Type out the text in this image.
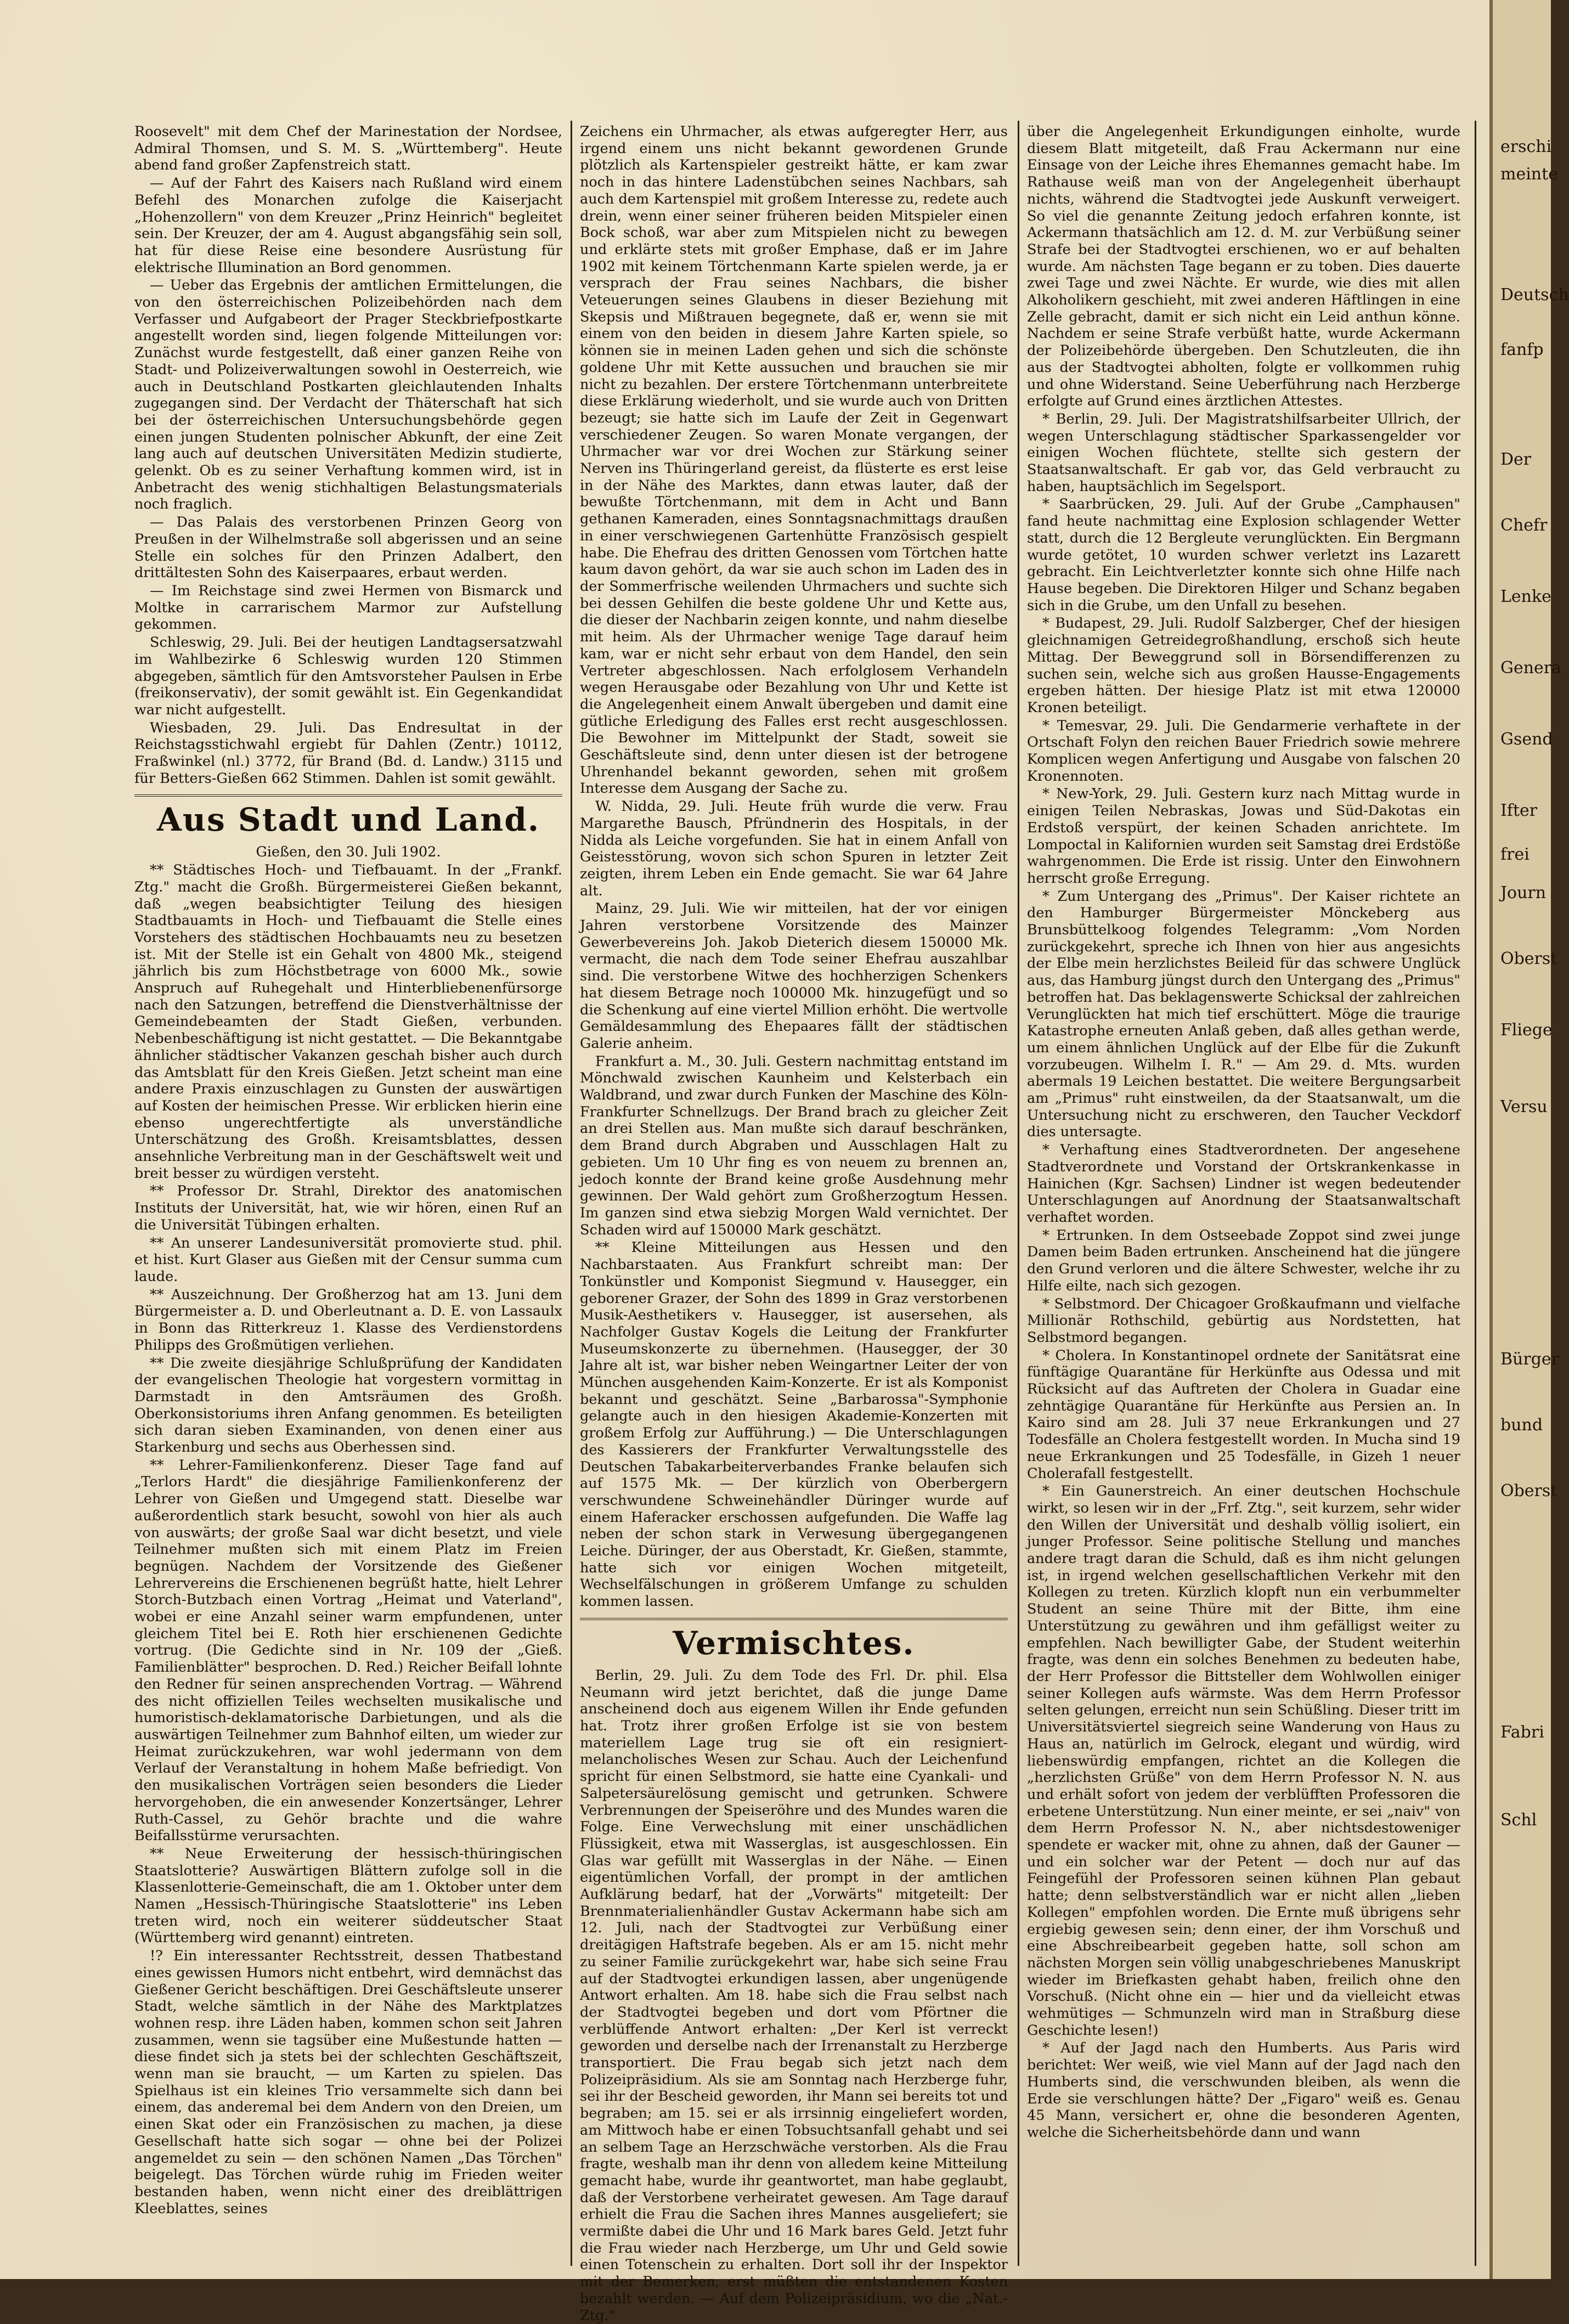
Roosevelt" mit dem Chef der Marinestation der Nordsee, Admiral Thomsen, und S. M. S. „Württemberg". Heute abend fand großer Zapfenstreich statt.

— Auf der Fahrt des Kaisers nach Rußland wird einem Befehl des Monarchen zufolge die Kaiserjacht „Hohenzollern" von dem Kreuzer „Prinz Heinrich" begleitet sein. Der Kreuzer, der am 4. August abgangsfähig sein soll, hat für diese Reise eine besondere Ausrüstung für elektrische Illumination an Bord genommen.

— Ueber das Ergebnis der amtlichen Ermittelungen, die von den österreichischen Polizeibehörden nach dem Verfasser und Aufgabeort der Prager Steckbriefpostkarte angestellt worden sind, liegen folgende Mitteilungen vor: Zunächst wurde festgestellt, daß einer ganzen Reihe von Stadt- und Polizeiverwaltungen sowohl in Oesterreich, wie auch in Deutschland Postkarten gleichlautenden Inhalts zugegangen sind. Der Verdacht der Thäterschaft hat sich bei der österreichischen Untersuchungsbehörde gegen einen jungen Studenten polnischer Abkunft, der eine Zeit lang auch auf deutschen Universitäten Medizin studierte, gelenkt. Ob es zu seiner Verhaftung kommen wird, ist in Anbetracht des wenig stichhaltigen Belastungsmaterials noch fraglich.

— Das Palais des verstorbenen Prinzen Georg von Preußen in der Wilhelmstraße soll abgerissen und an seine Stelle ein solches für den Prinzen Adalbert, den drittältesten Sohn des Kaiserpaares, erbaut werden.

— Im Reichstage sind zwei Hermen von Bismarck und Moltke in carrarischem Marmor zur Aufstellung gekommen.

Schleswig, 29. Juli. Bei der heutigen Landtagsersatzwahl im Wahlbezirke 6 Schleswig wurden 120 Stimmen abgegeben, sämtlich für den Amtsvorsteher Paulsen in Erbe (freikonservativ), der somit gewählt ist. Ein Gegenkandidat war nicht aufgestellt.

Wiesbaden, 29. Juli. Das Endresultat in der Reichstagsstichwahl ergiebt für Dahlen (Zentr.) 10112, Fraßwinkel (nl.) 3772, für Brand (Bd. d. Landw.) 3115 und für Betters-Gießen 662 Stimmen. Dahlen ist somit gewählt.

Aus Stadt und Land.

Gießen, den 30. Juli 1902.

** Städtisches Hoch- und Tiefbauamt. In der „Frankf. Ztg." macht die Großh. Bürgermeisterei Gießen bekannt, daß „wegen beabsichtigter Teilung des hiesigen Stadtbauamts in Hoch- und Tiefbauamt die Stelle eines Vorstehers des städtischen Hochbauamts neu zu besetzen ist. Mit der Stelle ist ein Gehalt von 4800 Mk., steigend jährlich bis zum Höchstbetrage von 6000 Mk., sowie Anspruch auf Ruhegehalt und Hinterbliebenenfürsorge nach den Satzungen, betreffend die Dienstverhältnisse der Gemeindebeamten der Stadt Gießen, verbunden. Nebenbeschäftigung ist nicht gestattet. — Die Bekanntgabe ähnlicher städtischer Vakanzen geschah bisher auch durch das Amtsblatt für den Kreis Gießen. Jetzt scheint man eine andere Praxis einzuschlagen zu Gunsten der auswärtigen auf Kosten der heimischen Presse. Wir erblicken hierin eine ebenso ungerechtfertigte als unverständliche Unterschätzung des Großh. Kreisamtsblattes, dessen ansehnliche Verbreitung man in der Geschäftswelt weit und breit besser zu würdigen versteht.

** Professor Dr. Strahl, Direktor des anatomischen Instituts der Universität, hat, wie wir hören, einen Ruf an die Universität Tübingen erhalten.

** An unserer Landesuniversität promovierte stud. phil. et hist. Kurt Glaser aus Gießen mit der Censur summa cum laude.

** Auszeichnung. Der Großherzog hat am 13. Juni dem Bürgermeister a. D. und Oberleutnant a. D. E. von Lassaulx in Bonn das Ritterkreuz 1. Klasse des Verdienstordens Philipps des Großmütigen verliehen.

** Die zweite diesjährige Schlußprüfung der Kandidaten der evangelischen Theologie hat vorgestern vormittag in Darmstadt in den Amtsräumen des Großh. Oberkonsistoriums ihren Anfang genommen. Es beteiligten sich daran sieben Examinanden, von denen einer aus Starkenburg und sechs aus Oberhessen sind.

** Lehrer-Familienkonferenz. Dieser Tage fand auf „Terlors Hardt" die diesjährige Familienkonferenz der Lehrer von Gießen und Umgegend statt. Dieselbe war außerordentlich stark besucht, sowohl von hier als auch von auswärts; der große Saal war dicht besetzt, und viele Teilnehmer mußten sich mit einem Platz im Freien begnügen. Nachdem der Vorsitzende des Gießener Lehrervereins die Erschienenen begrüßt hatte, hielt Lehrer Storch-Butzbach einen Vortrag „Heimat und Vaterland", wobei er eine Anzahl seiner warm empfundenen, unter gleichem Titel bei E. Roth hier erschienenen Gedichte vortrug. (Die Gedichte sind in Nr. 109 der „Gieß. Familienblätter" besprochen. D. Red.) Reicher Beifall lohnte den Redner für seinen ansprechenden Vortrag. — Während des nicht offiziellen Teiles wechselten musikalische und humoristisch-deklamatorische Darbietungen, und als die auswärtigen Teilnehmer zum Bahnhof eilten, um wieder zur Heimat zurückzukehren, war wohl jedermann von dem Verlauf der Veranstaltung in hohem Maße befriedigt. Von den musikalischen Vorträgen seien besonders die Lieder hervorgehoben, die ein anwesender Konzertsänger, Lehrer Ruth-Cassel, zu Gehör brachte und die wahre Beifallsstürme verursachten.

** Neue Erweiterung der hessisch-thüringischen Staatslotterie? Auswärtigen Blättern zufolge soll in die Klassenlotterie-Gemeinschaft, die am 1. Oktober unter dem Namen „Hessisch-Thüringische Staatslotterie" ins Leben treten wird, noch ein weiterer süddeutscher Staat (Württemberg wird genannt) eintreten.

!? Ein interessanter Rechtsstreit, dessen Thatbestand eines gewissen Humors nicht entbehrt, wird demnächst das Gießener Gericht beschäftigen. Drei Geschäftsleute unserer Stadt, welche sämtlich in der Nähe des Marktplatzes wohnen resp. ihre Läden haben, kommen schon seit Jahren zusammen, wenn sie tagsüber eine Mußestunde hatten — diese findet sich ja stets bei der schlechten Geschäftszeit, wenn man sie braucht, — um Karten zu spielen. Das Spielhaus ist ein kleines Trio versammelte sich dann bei einem, das anderemal bei dem Andern von den Dreien, um einen Skat oder ein Französischen zu machen, ja diese Gesellschaft hatte sich sogar — ohne bei der Polizei angemeldet zu sein — den schönen Namen „Das Törchen" beigelegt. Das Törchen würde ruhig im Frieden weiter bestanden haben, wenn nicht einer des dreiblättrigen Kleeblattes, seines

Zeichens ein Uhrmacher, als etwas aufgeregter Herr, aus irgend einem uns nicht bekannt gewordenen Grunde plötzlich als Kartenspieler gestreikt hätte, er kam zwar noch in das hintere Ladenstübchen seines Nachbars, sah auch dem Kartenspiel mit großem Interesse zu, redete auch drein, wenn einer seiner früheren beiden Mitspieler einen Bock schoß, war aber zum Mitspielen nicht zu bewegen und erklärte stets mit großer Emphase, daß er im Jahre 1902 mit keinem Törtchenmann Karte spielen werde, ja er versprach der Frau seines Nachbars, die bisher Veteuerungen seines Glaubens in dieser Beziehung mit Skepsis und Mißtrauen begegnete, daß er, wenn sie mit einem von den beiden in diesem Jahre Karten spiele, so können sie in meinen Laden gehen und sich die schönste goldene Uhr mit Kette aussuchen und brauchen sie mir nicht zu bezahlen. Der erstere Törtchenmann unterbreitete diese Erklärung wiederholt, und sie wurde auch von Dritten bezeugt; sie hatte sich im Laufe der Zeit in Gegenwart verschiedener Zeugen. So waren Monate vergangen, der Uhrmacher war vor drei Wochen zur Stärkung seiner Nerven ins Thüringerland gereist, da flüsterte es erst leise in der Nähe des Marktes, dann etwas lauter, daß der bewußte Törtchenmann, mit dem in Acht und Bann gethanen Kameraden, eines Sonntagsnachmittags draußen in einer verschwiegenen Gartenhütte Französisch gespielt habe. Die Ehefrau des dritten Genossen vom Törtchen hatte kaum davon gehört, da war sie auch schon im Laden des in der Sommerfrische weilenden Uhrmachers und suchte sich bei dessen Gehilfen die beste goldene Uhr und Kette aus, die dieser der Nachbarin zeigen konnte, und nahm dieselbe mit heim. Als der Uhrmacher wenige Tage darauf heim kam, war er nicht sehr erbaut von dem Handel, den sein Vertreter abgeschlossen. Nach erfolglosem Verhandeln wegen Herausgabe oder Bezahlung von Uhr und Kette ist die Angelegenheit einem Anwalt übergeben und damit eine gütliche Erledigung des Falles erst recht ausgeschlossen. Die Bewohner im Mittelpunkt der Stadt, soweit sie Geschäftsleute sind, denn unter diesen ist der betrogene Uhrenhandel bekannt geworden, sehen mit großem Interesse dem Ausgang der Sache zu.

W. Nidda, 29. Juli. Heute früh wurde die verw. Frau Margarethe Bausch, Pfründnerin des Hospitals, in der Nidda als Leiche vorgefunden. Sie hat in einem Anfall von Geistesstörung, wovon sich schon Spuren in letzter Zeit zeigten, ihrem Leben ein Ende gemacht. Sie war 64 Jahre alt.

Mainz, 29. Juli. Wie wir mitteilen, hat der vor einigen Jahren verstorbene Vorsitzende des Mainzer Gewerbevereins Joh. Jakob Dieterich diesem 150000 Mk. vermacht, die nach dem Tode seiner Ehefrau auszahlbar sind. Die verstorbene Witwe des hochherzigen Schenkers hat diesem Betrage noch 100000 Mk. hinzugefügt und so die Schenkung auf eine viertel Million erhöht. Die wertvolle Gemäldesammlung des Ehepaares fällt der städtischen Galerie anheim.

Frankfurt a. M., 30. Juli. Gestern nachmittag entstand im Mönchwald zwischen Kaunheim und Kelsterbach ein Waldbrand, und zwar durch Funken der Maschine des Köln-Frankfurter Schnellzugs. Der Brand brach zu gleicher Zeit an drei Stellen aus. Man mußte sich darauf beschränken, dem Brand durch Abgraben und Ausschlagen Halt zu gebieten. Um 10 Uhr fing es von neuem zu brennen an, jedoch konnte der Brand keine große Ausdehnung mehr gewinnen. Der Wald gehört zum Großherzogtum Hessen. Im ganzen sind etwa siebzig Morgen Wald vernichtet. Der Schaden wird auf 150000 Mark geschätzt.

** Kleine Mitteilungen aus Hessen und den Nachbarstaaten. Aus Frankfurt schreibt man: Der Tonkünstler und Komponist Siegmund v. Hausegger, ein geborener Grazer, der Sohn des 1899 in Graz verstorbenen Musik-Aesthetikers v. Hausegger, ist ausersehen, als Nachfolger Gustav Kogels die Leitung der Frankfurter Museumskonzerte zu übernehmen. (Hausegger, der 30 Jahre alt ist, war bisher neben Weingartner Leiter der von München ausgehenden Kaim-Konzerte. Er ist als Komponist bekannt und geschätzt. Seine „Barbarossa"-Symphonie gelangte auch in den hiesigen Akademie-Konzerten mit großem Erfolg zur Aufführung.) — Die Unterschlagungen des Kassierers der Frankfurter Verwaltungsstelle des Deutschen Tabakarbeiterverbandes Franke belaufen sich auf 1575 Mk. — Der kürzlich von Oberbergern verschwundene Schweinehändler Düringer wurde auf einem Haferacker erschossen aufgefunden. Die Waffe lag neben der schon stark in Verwesung übergegangenen Leiche. Düringer, der aus Oberstadt, Kr. Gießen, stammte, hatte sich vor einigen Wochen mitgeteilt, Wechselfälschungen in größerem Umfange zu schulden kommen lassen.

Vermischtes.

Berlin, 29. Juli. Zu dem Tode des Frl. Dr. phil. Elsa Neumann wird jetzt berichtet, daß die junge Dame anscheinend doch aus eigenem Willen ihr Ende gefunden hat. Trotz ihrer großen Erfolge ist sie von bestem materiellem Lage trug sie oft ein resigniert-melancholisches Wesen zur Schau. Auch der Leichenfund spricht für einen Selbstmord, sie hatte eine Cyankali- und Salpetersäurelösung gemischt und getrunken. Schwere Verbrennungen der Speiseröhre und des Mundes waren die Folge. Eine Verwechslung mit einer unschädlichen Flüssigkeit, etwa mit Wasserglas, ist ausgeschlossen. Ein Glas war gefüllt mit Wasserglas in der Nähe. — Einen eigentümlichen Vorfall, der prompt in der amtlichen Aufklärung bedarf, hat der „Vorwärts" mitgeteilt: Der Brennmaterialienhändler Gustav Ackermann habe sich am 12. Juli, nach der Stadtvogtei zur Verbüßung einer dreitägigen Haftstrafe begeben. Als er am 15. nicht mehr zu seiner Familie zurückgekehrt war, habe sich seine Frau auf der Stadtvogtei erkundigen lassen, aber ungenügende Antwort erhalten. Am 18. habe sich die Frau selbst nach der Stadtvogtei begeben und dort vom Pförtner die verblüffende Antwort erhalten: „Der Kerl ist verreckt geworden und derselbe nach der Irrenanstalt zu Herzberge transportiert. Die Frau begab sich jetzt nach dem Polizeipräsidium. Als sie am Sonntag nach Herzberge fuhr, sei ihr der Bescheid geworden, ihr Mann sei bereits tot und begraben; am 15. sei er als irrsinnig eingeliefert worden, am Mittwoch habe er einen Tobsuchtsanfall gehabt und sei an selbem Tage an Herzschwäche verstorben. Als die Frau fragte, weshalb man ihr denn von alledem keine Mitteilung gemacht habe, wurde ihr geantwortet, man habe geglaubt, daß der Verstorbene verheiratet gewesen. Am Tage darauf erhielt die Frau die Sachen ihres Mannes ausgeliefert; sie vermißte dabei die Uhr und 16 Mark bares Geld. Jetzt fuhr die Frau wieder nach Herzberge, um Uhr und Geld sowie einen Totenschein zu erhalten. Dort soll ihr der Inspektor mit der Bemerken, erst müßten die entstandenen Kosten bezahlt werden. — Auf dem Polizeipräsidium, wo die „Nat.-Ztg."

über die Angelegenheit Erkundigungen einholte, wurde diesem Blatt mitgeteilt, daß Frau Ackermann nur eine Einsage von der Leiche ihres Ehemannes gemacht habe. Im Rathause weiß man von der Angelegenheit überhaupt nichts, während die Stadtvogtei jede Auskunft verweigert. So viel die genannte Zeitung jedoch erfahren konnte, ist Ackermann thatsächlich am 12. d. M. zur Verbüßung seiner Strafe bei der Stadtvogtei erschienen, wo er auf behalten wurde. Am nächsten Tage begann er zu toben. Dies dauerte zwei Tage und zwei Nächte. Er wurde, wie dies mit allen Alkoholikern geschieht, mit zwei anderen Häftlingen in eine Zelle gebracht, damit er sich nicht ein Leid anthun könne. Nachdem er seine Strafe verbüßt hatte, wurde Ackermann der Polizeibehörde übergeben. Den Schutzleuten, die ihn aus der Stadtvogtei abholten, folgte er vollkommen ruhig und ohne Widerstand. Seine Ueberführung nach Herzberge erfolgte auf Grund eines ärztlichen Attestes.

* Berlin, 29. Juli. Der Magistratshilfsarbeiter Ullrich, der wegen Unterschlagung städtischer Sparkassengelder vor einigen Wochen flüchtete, stellte sich gestern der Staatsanwaltschaft. Er gab vor, das Geld verbraucht zu haben, hauptsächlich im Segelsport.

* Saarbrücken, 29. Juli. Auf der Grube „Camphausen" fand heute nachmittag eine Explosion schlagender Wetter statt, durch die 12 Bergleute verunglückten. Ein Bergmann wurde getötet, 10 wurden schwer verletzt ins Lazarett gebracht. Ein Leichtverletzter konnte sich ohne Hilfe nach Hause begeben. Die Direktoren Hilger und Schanz begaben sich in die Grube, um den Unfall zu besehen.

* Budapest, 29. Juli. Rudolf Salzberger, Chef der hiesigen gleichnamigen Getreidegroßhandlung, erschoß sich heute Mittag. Der Beweggrund soll in Börsendifferenzen zu suchen sein, welche sich aus großen Hausse-Engagements ergeben hätten. Der hiesige Platz ist mit etwa 120000 Kronen beteiligt.

* Temesvar, 29. Juli. Die Gendarmerie verhaftete in der Ortschaft Folyn den reichen Bauer Friedrich sowie mehrere Komplicen wegen Anfertigung und Ausgabe von falschen 20 Kronennoten.

* New-York, 29. Juli. Gestern kurz nach Mittag wurde in einigen Teilen Nebraskas, Jowas und Süd-Dakotas ein Erdstoß verspürt, der keinen Schaden anrichtete. Im Lompoctal in Kalifornien wurden seit Samstag drei Erdstöße wahrgenommen. Die Erde ist rissig. Unter den Einwohnern herrscht große Erregung.

* Zum Untergang des „Primus". Der Kaiser richtete an den Hamburger Bürgermeister Mönckeberg aus Brunsbüttelkoog folgendes Telegramm: „Vom Norden zurückgekehrt, spreche ich Ihnen von hier aus angesichts der Elbe mein herzlichstes Beileid für das schwere Unglück aus, das Hamburg jüngst durch den Untergang des „Primus" betroffen hat. Das beklagenswerte Schicksal der zahlreichen Verunglückten hat mich tief erschüttert. Möge die traurige Katastrophe erneuten Anlaß geben, daß alles gethan werde, um einem ähnlichen Unglück auf der Elbe für die Zukunft vorzubeugen. Wilhelm I. R." — Am 29. d. Mts. wurden abermals 19 Leichen bestattet. Die weitere Bergungsarbeit am „Primus" ruht einstweilen, da der Staatsanwalt, um die Untersuchung nicht zu erschweren, den Taucher Veckdorf dies untersagte.

* Verhaftung eines Stadtverordneten. Der angesehene Stadtverordnete und Vorstand der Ortskrankenkasse in Hainichen (Kgr. Sachsen) Lindner ist wegen bedeutender Unterschlagungen auf Anordnung der Staatsanwaltschaft verhaftet worden.

* Ertrunken. In dem Ostseebade Zoppot sind zwei junge Damen beim Baden ertrunken. Anscheinend hat die jüngere den Grund verloren und die ältere Schwester, welche ihr zu Hilfe eilte, nach sich gezogen.

* Selbstmord. Der Chicagoer Großkaufmann und vielfache Millionär Rothschild, gebürtig aus Nordstetten, hat Selbstmord begangen.

* Cholera. In Konstantinopel ordnete der Sanitätsrat eine fünftägige Quarantäne für Herkünfte aus Odessa und mit Rücksicht auf das Auftreten der Cholera in Guadar eine zehntägige Quarantäne für Herkünfte aus Persien an. In Kairo sind am 28. Juli 37 neue Erkrankungen und 27 Todesfälle an Cholera festgestellt worden. In Mucha sind 19 neue Erkrankungen und 25 Todesfälle, in Gizeh 1 neuer Cholerafall festgestellt.

* Ein Gaunerstreich. An einer deutschen Hochschule wirkt, so lesen wir in der „Frf. Ztg.", seit kurzem, sehr wider den Willen der Universität und deshalb völlig isoliert, ein junger Professor. Seine politische Stellung und manches andere tragt daran die Schuld, daß es ihm nicht gelungen ist, in irgend welchen gesellschaftlichen Verkehr mit den Kollegen zu treten. Kürzlich klopft nun ein verbummelter Student an seine Thüre mit der Bitte, ihm eine Unterstützung zu gewähren und ihm gefälligst weiter zu empfehlen. Nach bewilligter Gabe, der Student weiterhin fragte, was denn ein solches Benehmen zu bedeuten habe, der Herr Professor die Bittsteller dem Wohlwollen einiger seiner Kollegen aufs wärmste. Was dem Herrn Professor selten gelungen, erreicht nun sein Schüßling. Dieser tritt im Universitätsviertel siegreich seine Wanderung von Haus zu Haus an, natürlich im Gelrock, elegant und würdig, wird liebenswürdig empfangen, richtet an die Kollegen die „herzlichsten Grüße" von dem Herrn Professor N. N. aus und erhält sofort von jedem der verblüfften Professoren die erbetene Unterstützung. Nun einer meinte, er sei „naiv" von dem Herrn Professor N. N., aber nichtsdestoweniger spendete er wacker mit, ohne zu ahnen, daß der Gauner — und ein solcher war der Petent — doch nur auf das Feingefühl der Professoren seinen kühnen Plan gebaut hatte; denn selbstverständlich war er nicht allen „lieben Kollegen" empfohlen worden. Die Ernte muß übrigens sehr ergiebig gewesen sein; denn einer, der ihm Vorschuß und eine Abschreibearbeit gegeben hatte, soll schon am nächsten Morgen sein völlig unabgeschriebenes Manuskript wieder im Briefkasten gehabt haben, freilich ohne den Vorschuß. (Nicht ohne ein — hier und da vielleicht etwas wehmütiges — Schmunzeln wird man in Straßburg diese Geschichte lesen!)

* Auf der Jagd nach den Humberts. Aus Paris wird berichtet: Wer weiß, wie viel Mann auf der Jagd nach den Humberts sind, die verschwunden bleiben, als wenn die Erde sie verschlungen hätte? Der „Figaro" weiß es. Genau 45 Mann, versichert er, ohne die besonderen Agenten, welche die Sicherheitsbehörde dann und wann

erschi
meinte
Deutsch
fanfp
Der
Chefr
Lenke
Genera
Gsend
Ifter
frei
Journ
Oberst
Fliege
Versu
Bürger
bund
Oberst
Fabri
Schl
